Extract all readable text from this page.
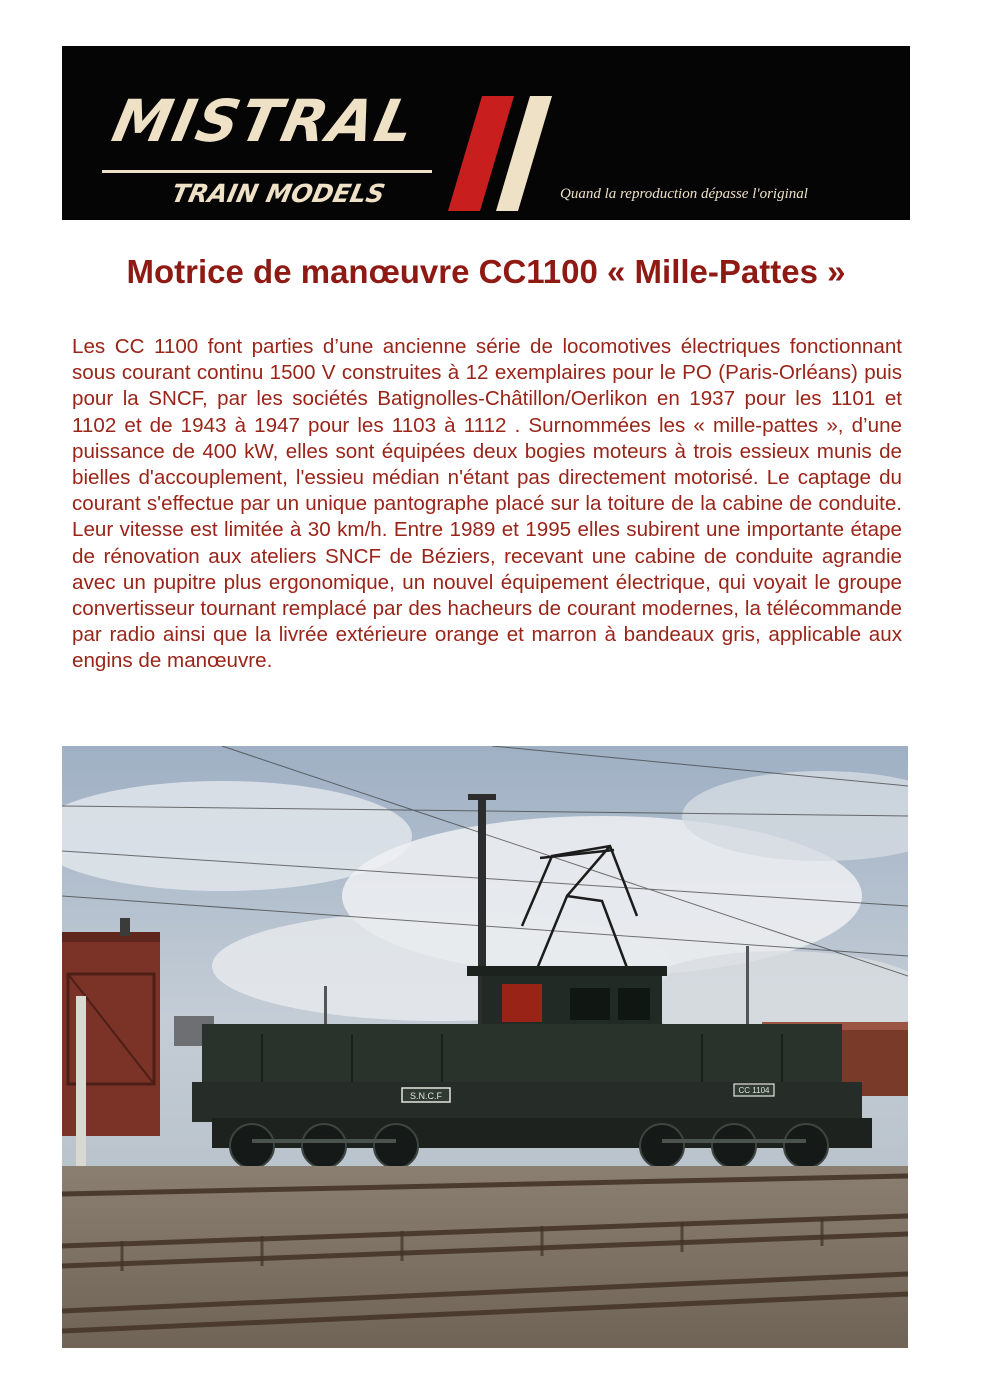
MISTRAL
TRAIN MODELS	Quand la reproduction dépasse l'original
Motrice de manœuvre CC1100 « Mille-Pattes »

Les CC 1100 font parties d’une ancienne série de locomotives électriques fonctionnant sous courant continu 1500 V construites à 12 exemplaires pour le PO (Paris-Orléans) puis pour la SNCF, par les sociétés Batignolles-Châtillon/Oerlikon en 1937 pour les 1101 et 1102 et de 1943 à 1947 pour les 1103 à 1112 . Surnommées les « mille-pattes », d’une puissance de 400 kW, elles sont équipées deux bogies moteurs à trois essieux munis de bielles d'accouplement, l'essieu médian n'étant pas directement motorisé. Le captage du courant s'effectue par un unique pantographe placé sur la toiture de la cabine de conduite. Leur vitesse est limitée à 30 km/h. Entre 1989 et 1995 elles subirent une importante étape de rénovation aux ateliers SNCF de Béziers, recevant une cabine de conduite agrandie avec un pupitre plus ergonomique, un nouvel équipement électrique, qui voyait le groupe convertisseur tournant remplacé par des hacheurs de courant modernes, la télécommande par radio ainsi que la livrée extérieure orange et marron à bandeaux gris, applicable aux engins de manœuvre.

S.N.C.F
CC 1104
